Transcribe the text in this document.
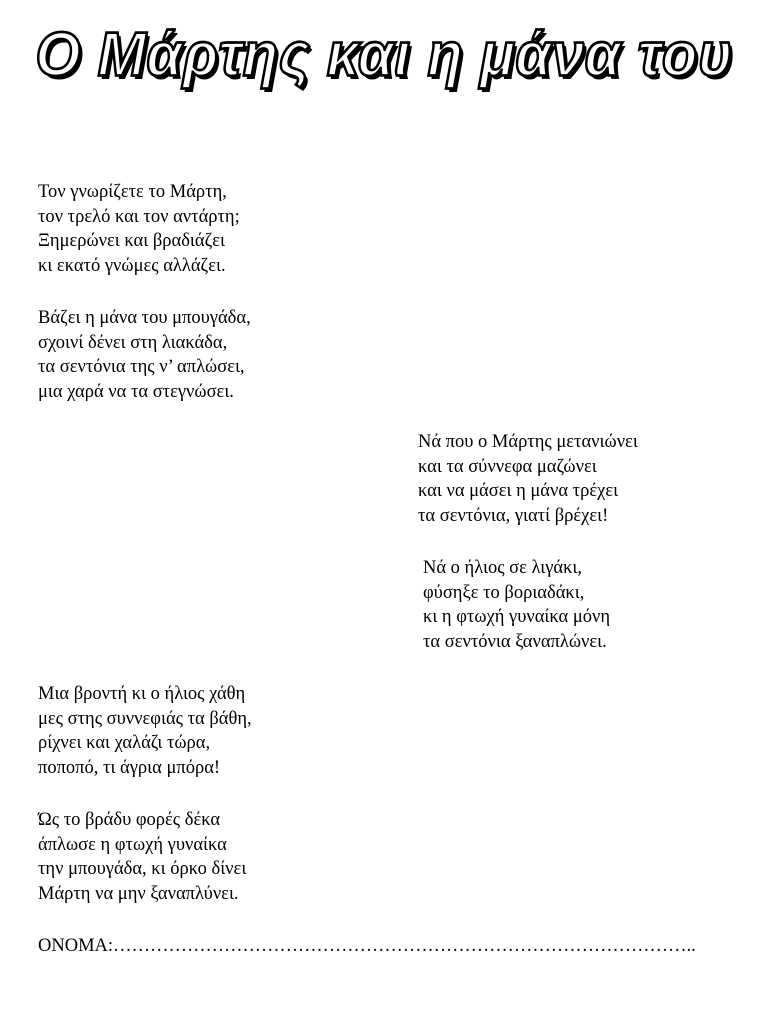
Ο Μάρτης και η μάνα του
Τον γνωρίζετε το Μάρτη,
τον τρελό και τον αντάρτη;
Ξημερώνει και βραδιάζει
κι εκατό γνώμες αλλάζει.
Βάζει η μάνα του μπουγάδα,
σχοινί δένει στη λιακάδα,
τα σεντόνια της ν’ απλώσει,
μια χαρά να τα στεγνώσει.
Νά που ο Μάρτης μετανιώνει
και τα σύννεφα μαζώνει
και να μάσει η μάνα τρέχει
τα σεντόνια, γιατί βρέχει!
Νά ο ήλιος σε λιγάκι,
φύσηξε το βοριαδάκι,
κι η φτωχή γυναίκα μόνη
τα σεντόνια ξαναπλώνει.
Μια βροντή κι ο ήλιος χάθη
μες στης συννεφιάς τα βάθη,
ρίχνει και χαλάζι τώρα,
ποποπό, τι άγρια μπόρα!
Ώς το βράδυ φορές δέκα
άπλωσε η φτωχή γυναίκα
την μπουγάδα, κι όρκο δίνει
Μάρτη να μην ξαναπλύνει.
ΟΝΟΜΑ:…………………………………………………………………………………..
